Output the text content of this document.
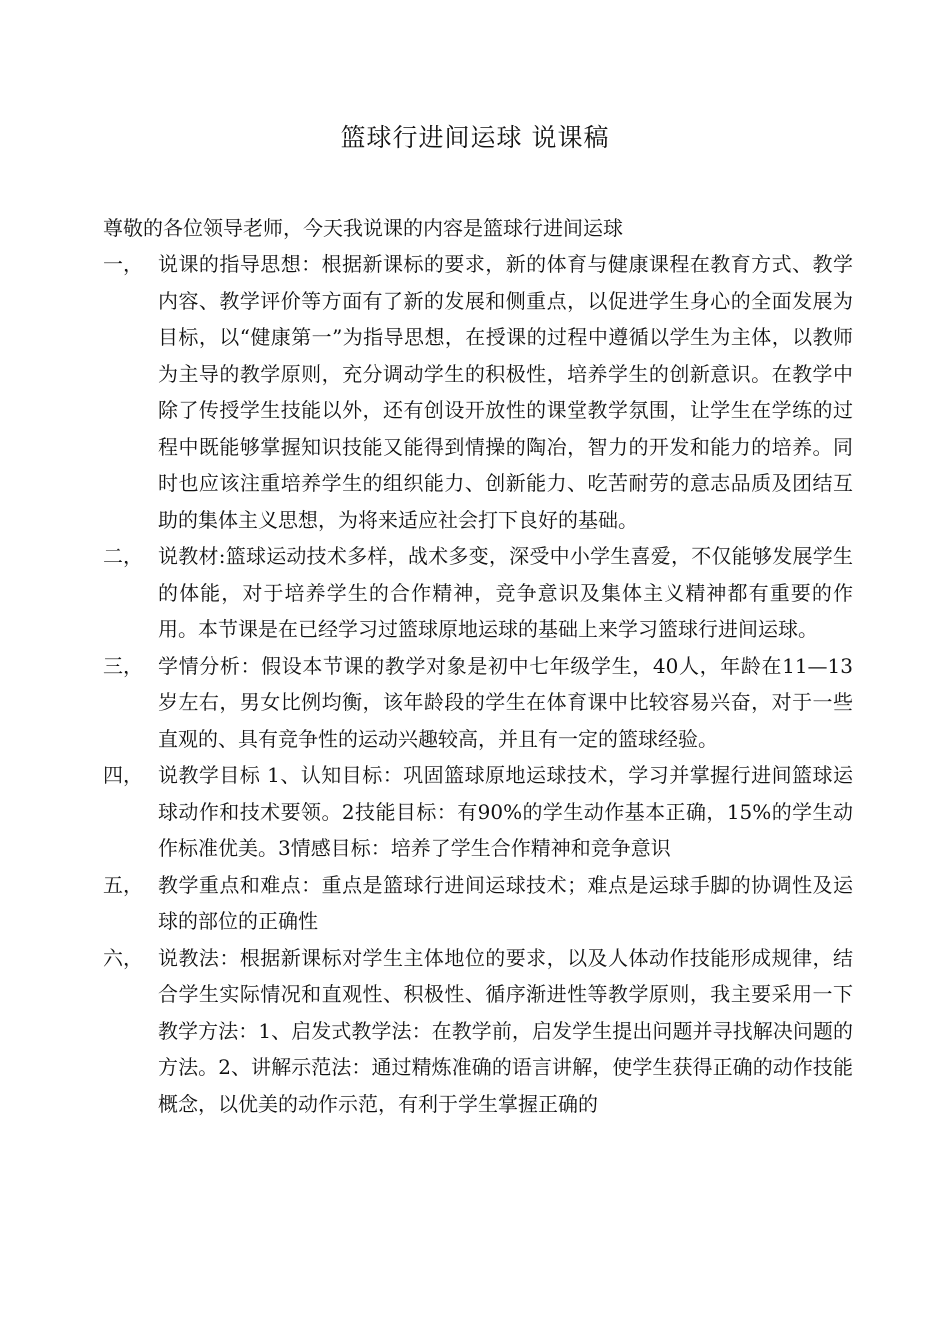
篮球行进间运球 说课稿
尊敬的各位领导老师，今天我说课的内容是篮球行进间运球
一， 说课的指导思想：根据新课标的要求，新的体育与健康课程在教育方式、教学内容、教学评价等方面有了新的发展和侧重点，以促进学生身心的全面发展为目标，以“健康第一”为指导思想，在授课的过程中遵循以学生为主体，以教师为主导的教学原则，充分调动学生的积极性，培养学生的创新意识。在教学中除了传授学生技能以外，还有创设开放性的课堂教学氛围，让学生在学练的过程中既能够掌握知识技能又能得到情操的陶冶，智力的开发和能力的培养。同时也应该注重培养学生的组织能力、创新能力、吃苦耐劳的意志品质及团结互助的集体主义思想，为将来适应社会打下良好的基础。
二， 说教材:篮球运动技术多样，战术多变，深受中小学生喜爱，不仅能够发展学生的体能，对于培养学生的合作精神，竞争意识及集体主义精神都有重要的作用。本节课是在已经学习过篮球原地运球的基础上来学习篮球行进间运球。
三， 学情分析：假设本节课的教学对象是初中七年级学生，40人，年龄在11—13岁左右，男女比例均衡，该年龄段的学生在体育课中比较容易兴奋，对于一些直观的、具有竞争性的运动兴趣较高，并且有一定的篮球经验。
四， 说教学目标 1、认知目标：巩固篮球原地运球技术，学习并掌握行进间篮球运球动作和技术要领。2技能目标：有90%的学生动作基本正确，15%的学生动作标准优美。3情感目标：培养了学生合作精神和竞争意识
五， 教学重点和难点：重点是篮球行进间运球技术；难点是运球手脚的协调性及运球的部位的正确性
六， 说教法：根据新课标对学生主体地位的要求，以及人体动作技能形成规律，结合学生实际情况和直观性、积极性、循序渐进性等教学原则，我主要采用一下教学方法：1、启发式教学法：在教学前，启发学生提出问题并寻找解决问题的方法。2、讲解示范法：通过精炼准确的语言讲解，使学生获得正确的动作技能概念，以优美的动作示范，有利于学生掌握正确的
